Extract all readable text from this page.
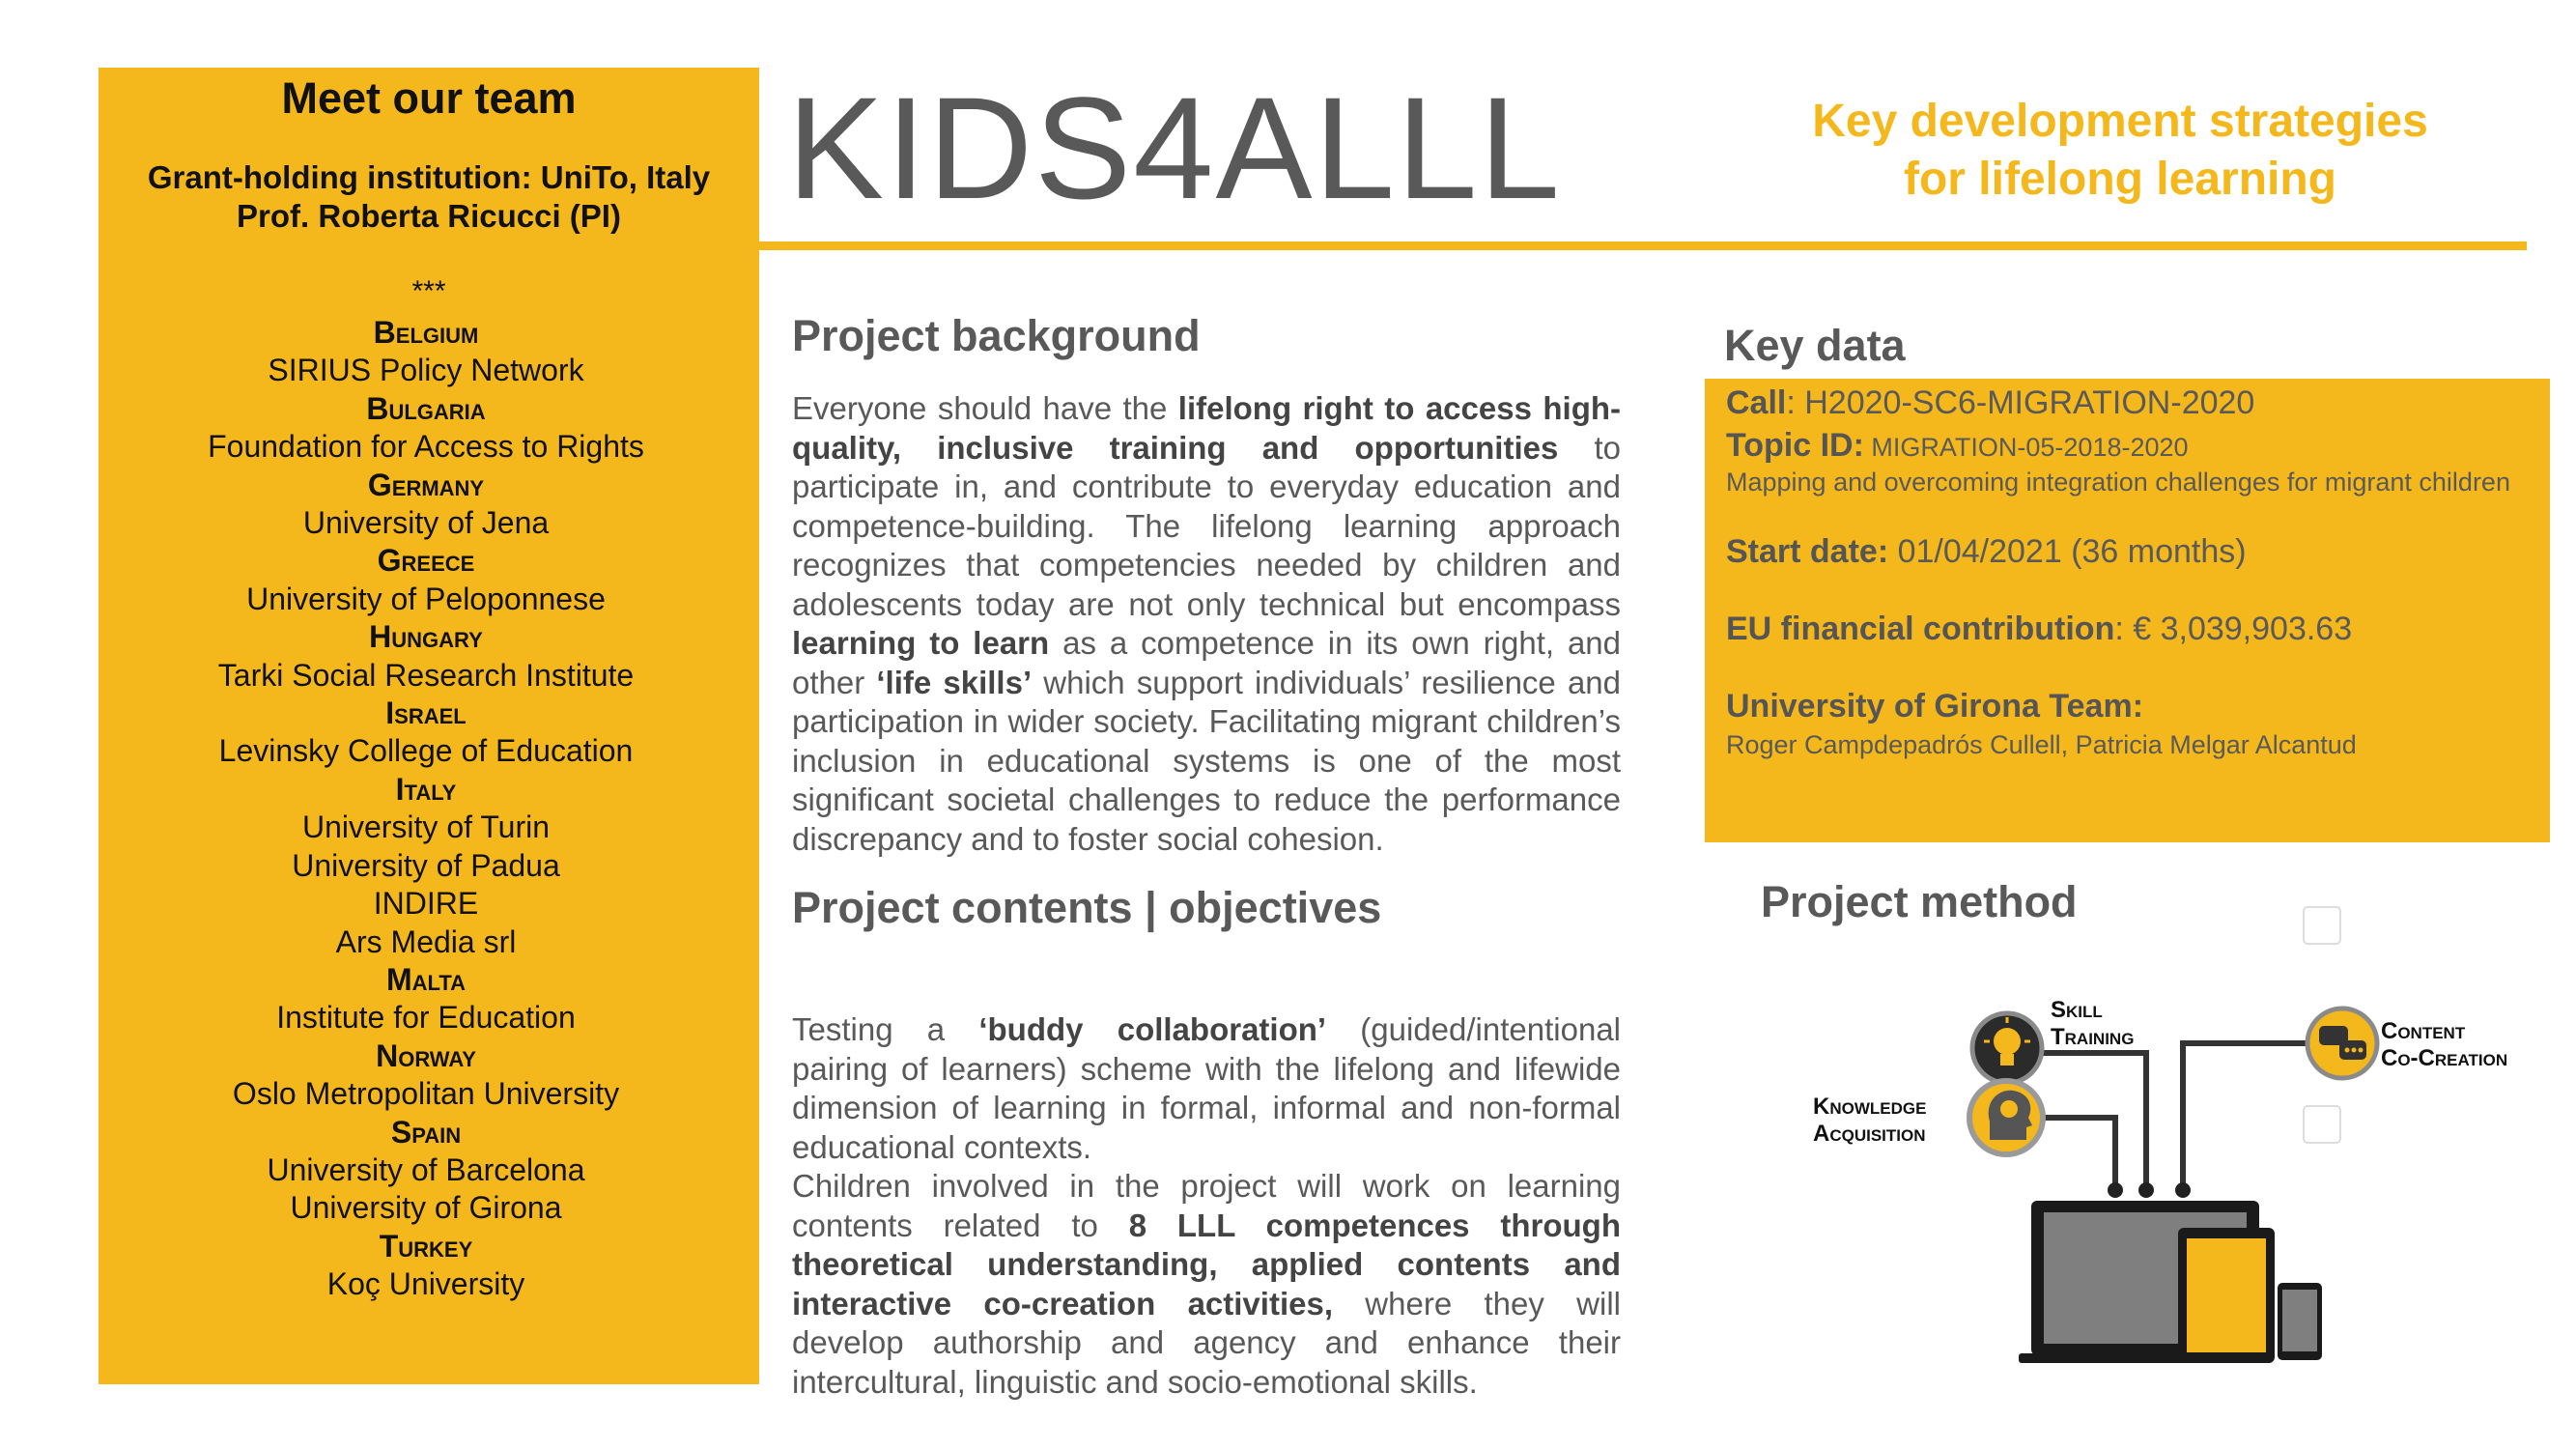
Meet our team
Grant-holding institution: UniTo, Italy
Prof. Roberta Ricucci (PI)
***
Belgium
SIRIUS Policy Network
Bulgaria
Foundation for Access to Rights
Germany
University of Jena
Greece
University of Peloponnese
Hungary
Tarki Social Research Institute
Israel
Levinsky College of Education
Italy
University of Turin
University of Padua
INDIRE
Ars Media srl
Malta
Institute for Education
Norway
Oslo Metropolitan University
Spain
University of Barcelona
University of Girona
Turkey
Koç University
KIDS4ALLL	Key development strategies
for lifelong learning
Project background
Everyone should have the lifelong right to access high-quality, inclusive training and opportunities to participate in, and contribute to everyday education and competence-building. The lifelong learning approach recognizes that competencies needed by children and adolescents today are not only technical but encompass learning to learn as a competence in its own right, and other ‘life skills’ which support individuals’ resilience and participation in wider society. Facilitating migrant children’s inclusion in educational systems is one of the most significant societal challenges to reduce the performance discrepancy and to foster social cohesion.
Project contents | objectives
Testing a ‘buddy collaboration’ (guided/intentional pairing of learners) scheme with the lifelong and lifewide dimension of learning in formal, informal and non-formal educational contexts.
Children involved in the project will work on learning contents related to 8 LLL competences through theoretical understanding, applied contents and interactive co-creation activities, where they will develop authorship and agency and enhance their intercultural, linguistic and socio-emotional skills.
Key data
Call: H2020-SC6-MIGRATION-2020
Topic ID: MIGRATION-05-2018-2020
Mapping and overcoming integration challenges for migrant children
Start date: 01/04/2021 (36 months)
EU financial contribution: € 3,039,903.63
University of Girona Team:
Roger Campdepadrós Cullell, Patricia Melgar Alcantud
Project method
Skill
Training	Content
Co-Creation
Knowledge
Acquisition
